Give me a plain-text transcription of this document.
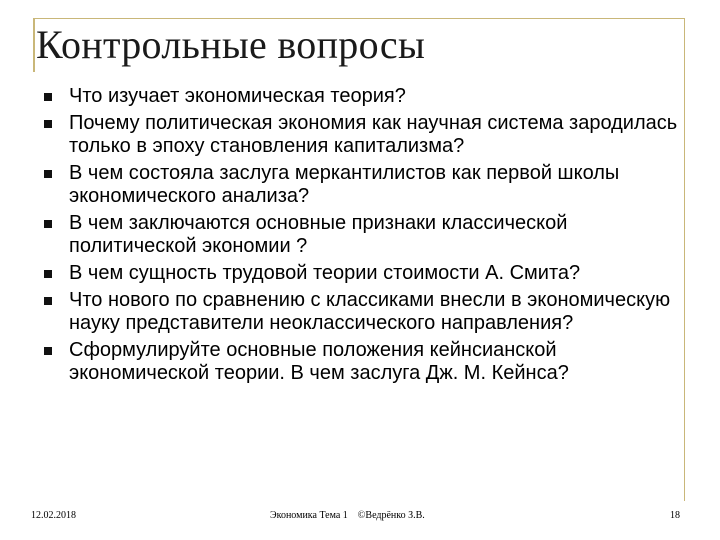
Контрольные вопросы
Что изучает экономическая теория?
Почему политическая экономия как научная система зародилась только в эпоху становления капитализма?
В чем состояла заслуга меркантилистов как первой школы экономического анализа?
В чем заключаются основные признаки классической политической экономии ?
В чем сущность трудовой теории стоимости А. Смита?
Что нового по сравнению с классиками внесли в экономическую науку представители неоклассического направления?
Сформулируйте основные положения кейнсианской экономической теории. В чем заслуга Дж. М. Кейнса?
12.02.2018	Экономика Тема 1    ©Ведрёнко З.В.	18
